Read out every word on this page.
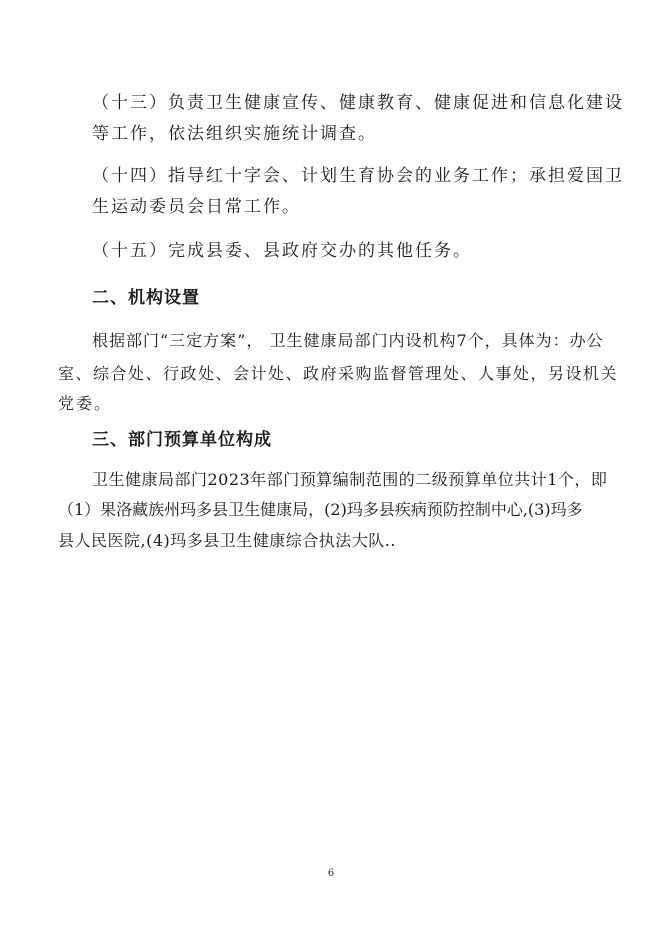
（十三）负责卫生健康宣传、健康教育、健康促进和信息化建设

等工作，依法组织实施统计调查。

（十四）指导红十字会、计划生育协会的业务工作；承担爱国卫

生运动委员会日常工作。

（十五）完成县委、县政府交办的其他任务。

二、机构设置

根据部门“三定方案”， 卫生健康局部门内设机构7个，具体为：办公

室、综合处、行政处、会计处、政府采购监督管理处、人事处，另设机关

党委。

三、部门预算单位构成

卫生健康局部门2023年部门预算编制范围的二级预算单位共计1个，即

（1）果洛藏族州玛多县卫生健康局，(2)玛多县疾病预防控制中心,(3)玛多

县人民医院,(4)玛多县卫生健康综合执法大队..

6
